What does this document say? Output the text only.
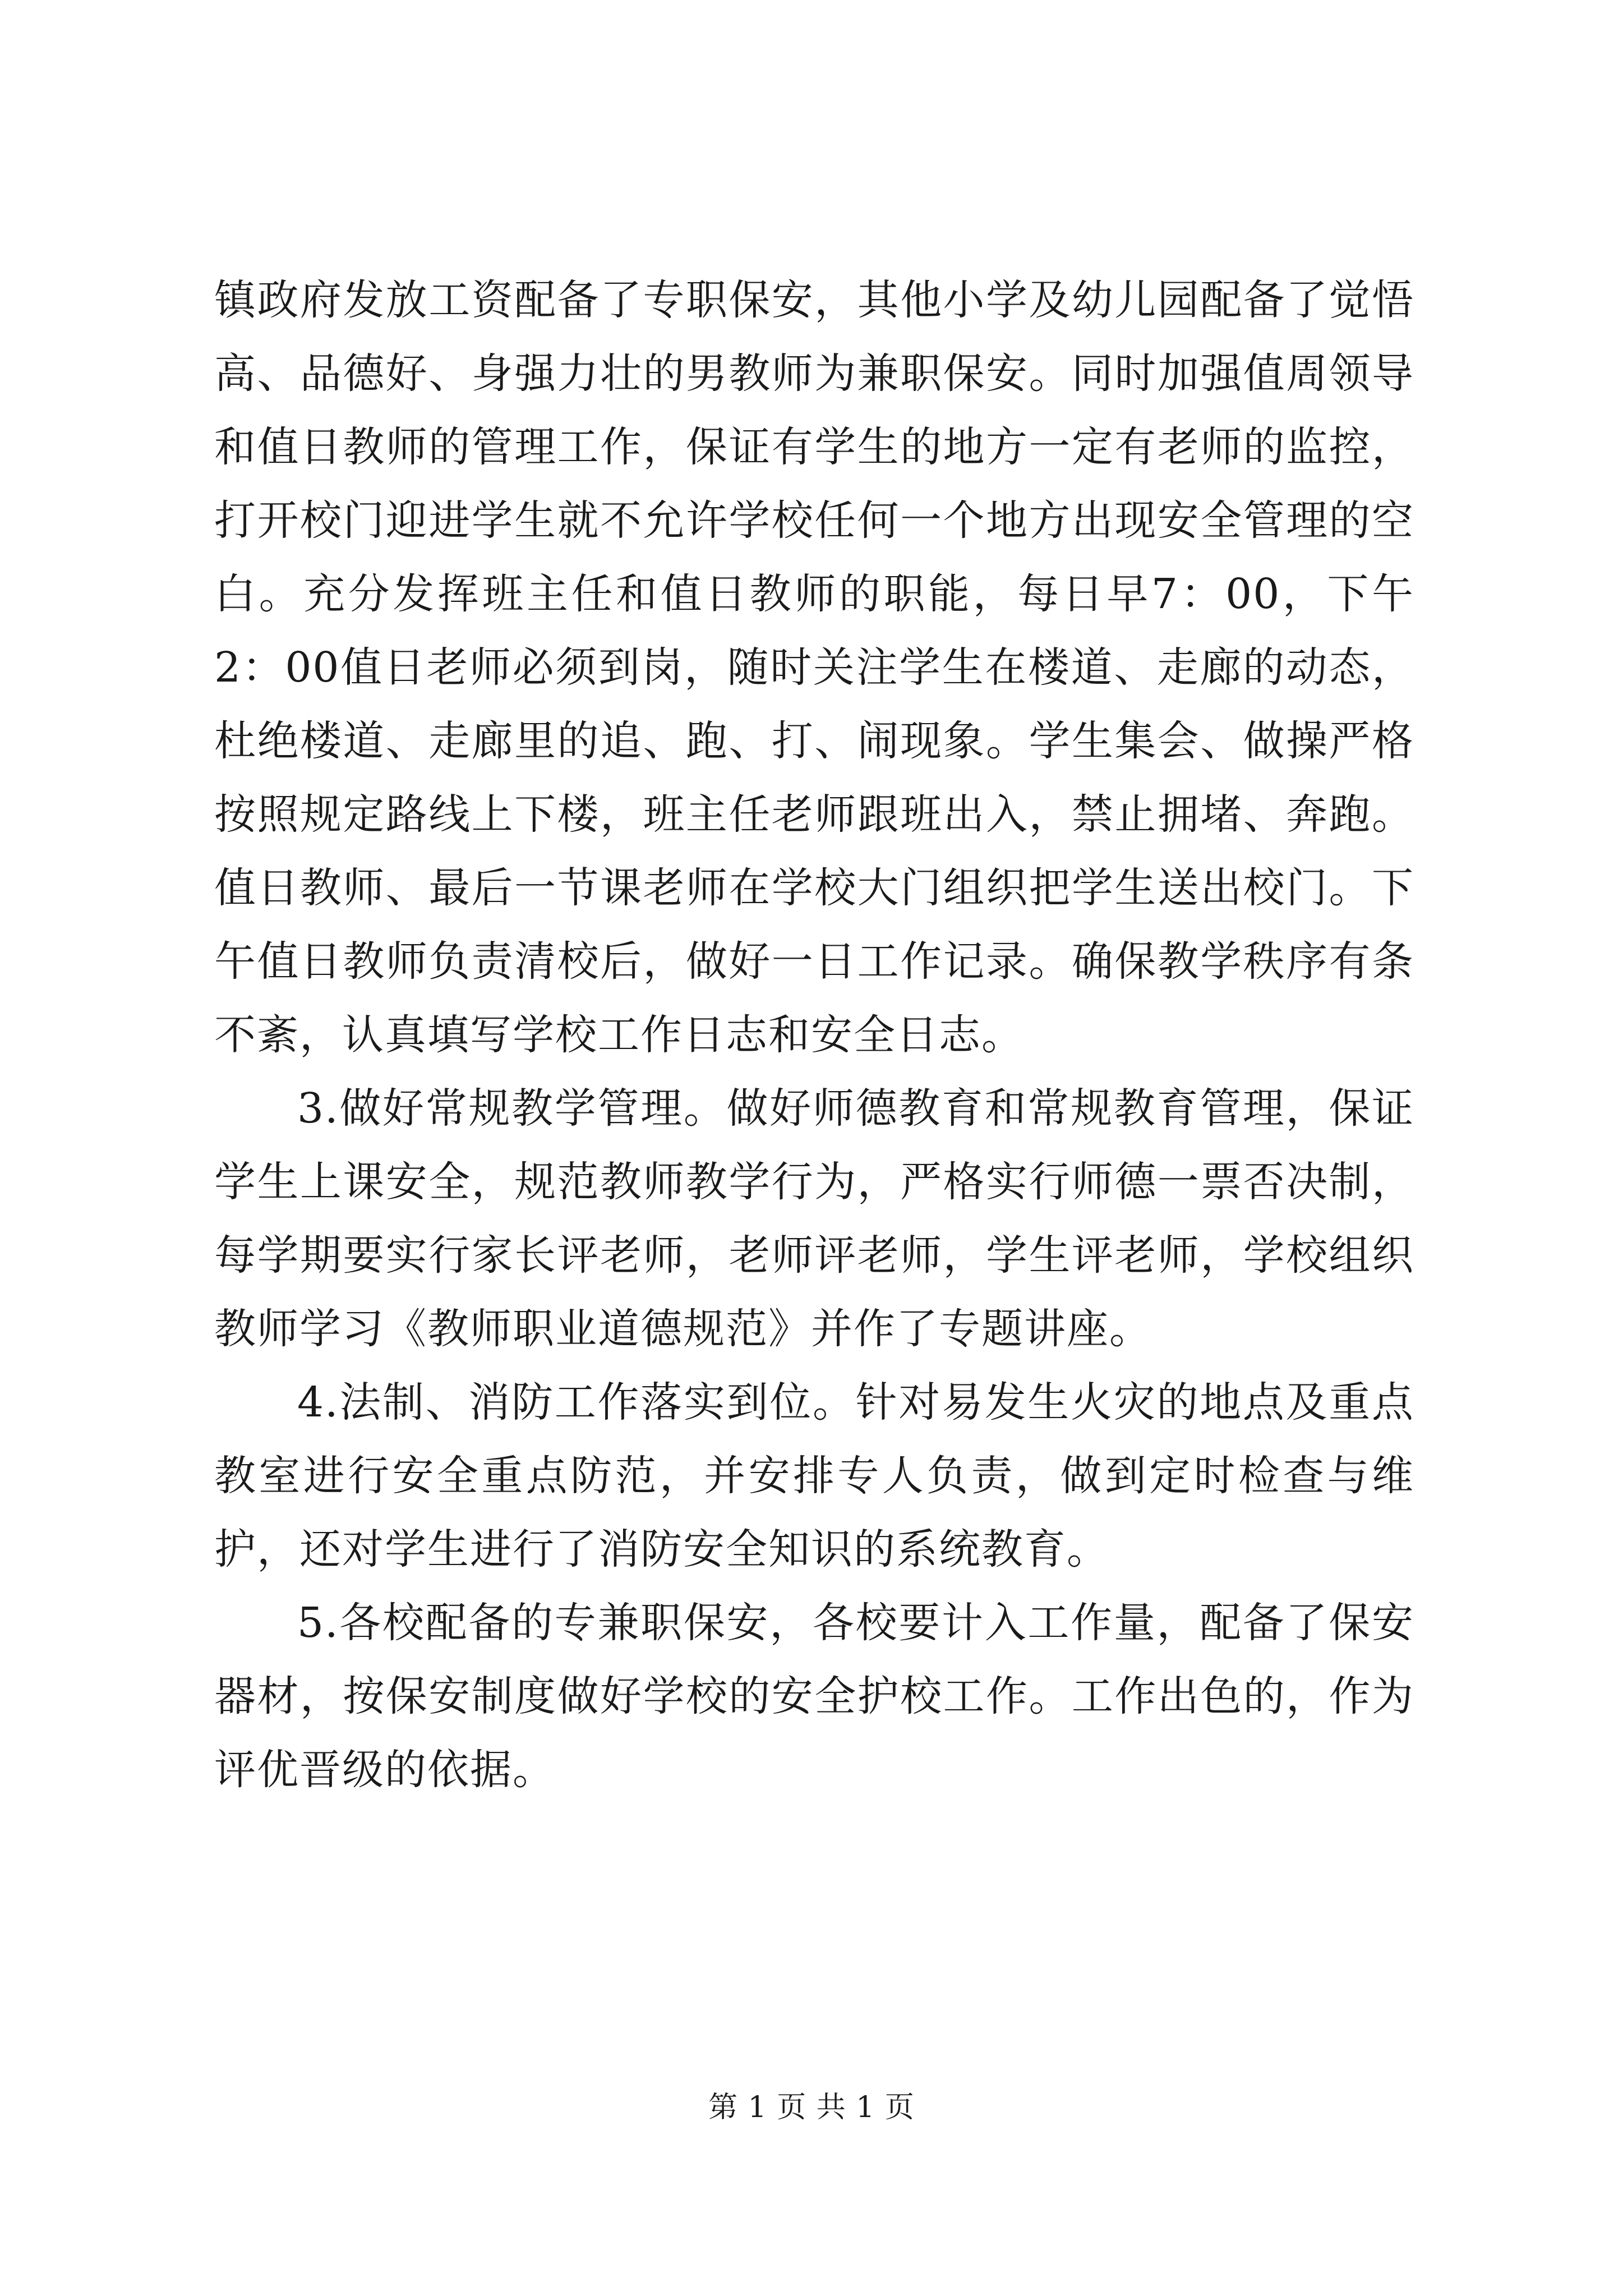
镇政府发放工资配备了专职保安，其他小学及幼儿园配备了觉悟高、品德好、身强力壮的男教师为兼职保安。同时加强值周领导和值日教师的管理工作，保证有学生的地方一定有老师的监控，打开校门迎进学生就不允许学校任何一个地方出现安全管理的空白。充分发挥班主任和值日教师的职能，每日早7：00，下午2：00值日老师必须到岗，随时关注学生在楼道、走廊的动态，杜绝楼道、走廊里的追、跑、打、闹现象。学生集会、做操严格按照规定路线上下楼，班主任老师跟班出入，禁止拥堵、奔跑。值日教师、最后一节课老师在学校大门组织把学生送出校门。下午值日教师负责清校后，做好一日工作记录。确保教学秩序有条不紊，认真填写学校工作日志和安全日志。

3.做好常规教学管理。做好师德教育和常规教育管理，保证学生上课安全，规范教师教学行为，严格实行师德一票否决制，每学期要实行家长评老师，老师评老师，学生评老师，学校组织教师学习《教师职业道德规范》并作了专题讲座。

4.法制、消防工作落实到位。针对易发生火灾的地点及重点教室进行安全重点防范，并安排专人负责，做到定时检查与维护，还对学生进行了消防安全知识的系统教育。

5.各校配备的专兼职保安，各校要计入工作量，配备了保安器材，按保安制度做好学校的安全护校工作。工作出色的，作为评优晋级的依据。

第 1 页 共 1 页
